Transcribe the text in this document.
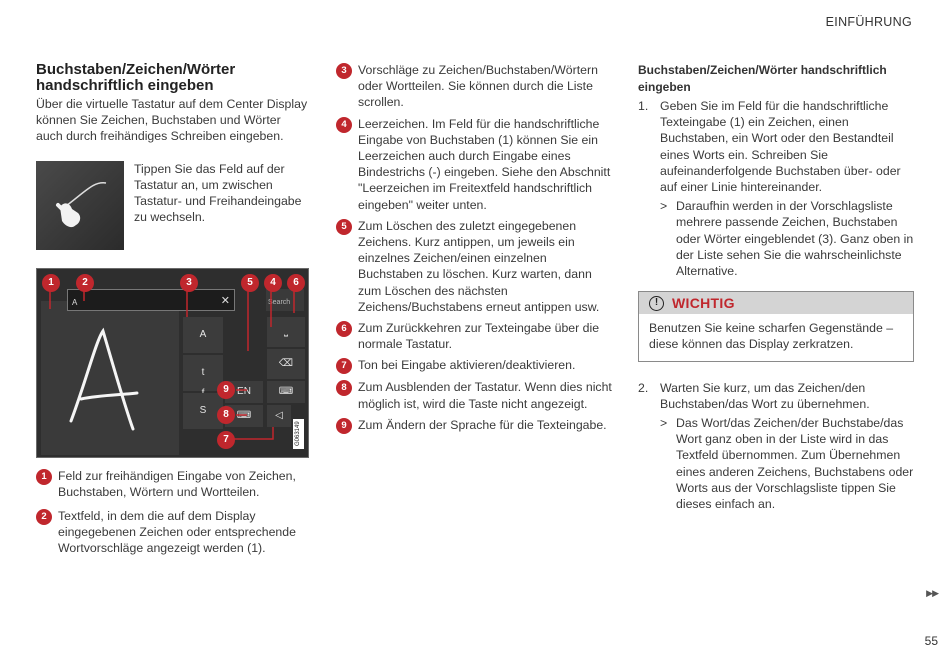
EINFÜHRUNG
Buchstaben/Zeichen/Wörter handschriftlich eingeben

Über die virtuelle Tastatur auf dem Center Display können Sie Zeichen, Buchstaben und Wörter auch durch freihändiges Schreiben eingeben.

Tippen Sie das Feld auf der Tastatur an, um zwischen Tastatur- und Freihandeingabe zu wechseln.
A	✕	Search
A
t
S
⎵
⌫
⌨
EN
⌨	◁
1	2	3	5	4	6
9
8
7	G063149
1 Feld zur freihändigen Eingabe von Zeichen, Buchstaben, Wörtern und Wortteilen.
2 Textfeld, in dem die auf dem Display eingegebenen Zeichen oder entsprechende Wortvorschläge angezeigt werden (1).
3 Vorschläge zu Zeichen/Buchstaben/Wörtern oder Wortteilen. Sie können durch die Liste scrollen.
4 Leerzeichen. Im Feld für die handschriftliche Eingabe von Buchstaben (1) können Sie ein Leerzeichen auch durch Eingabe eines Bindestrichs (-) eingeben. Siehe den Abschnitt "Leerzeichen im Freitextfeld handschriftlich eingeben" weiter unten.
5 Zum Löschen des zuletzt eingegebenen Zeichens. Kurz antippen, um jeweils ein einzelnes Zeichen/einen einzelnen Buchstaben zu löschen. Kurz warten, dann zum Löschen des nächsten Zeichens/Buchstabens erneut antippen usw.
6 Zum Zurückkehren zur Texteingabe über die normale Tastatur.
7 Ton bei Eingabe aktivieren/deaktivieren.
8 Zum Ausblenden der Tastatur. Wenn dies nicht möglich ist, wird die Taste nicht angezeigt.
9 Zum Ändern der Sprache für die Texteingabe.
Buchstaben/Zeichen/Wörter handschriftlich eingeben
1. Geben Sie im Feld für die handschriftliche Texteingabe (1) ein Zeichen, einen Buchstaben, ein Wort oder den Bestandteil eines Worts ein. Schreiben Sie aufeinanderfolgende Buchstaben über- oder auf einer Linie hintereinander.
> Daraufhin werden in der Vorschlagsliste mehrere passende Zeichen, Buchstaben oder Wörter eingeblendet (3). Ganz oben in der Liste sehen Sie die wahrscheinlichste Alternative.
! WICHTIG
Benutzen Sie keine scharfen Gegenstände – diese können das Display zerkratzen.
2. Warten Sie kurz, um das Zeichen/den Buchstaben/das Wort zu übernehmen.
> Das Wort/das Zeichen/der Buchstabe/das Wort ganz oben in der Liste wird in das Textfeld übernommen. Zum Übernehmen eines anderen Zeichens, Buchstabens oder Worts aus der Vorschlagsliste tippen Sie dieses einfach an.
▶▶
55
